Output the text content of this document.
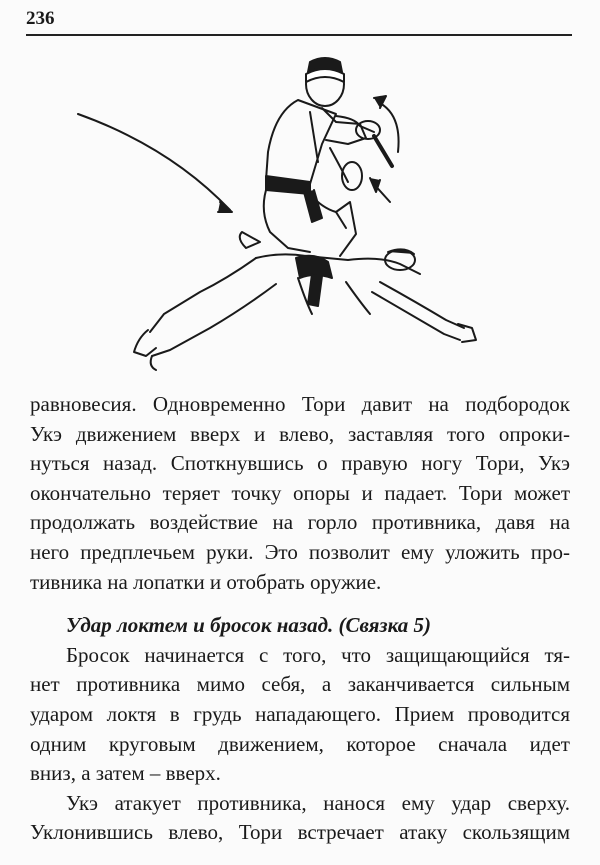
236
равновесия. Одновременно Тори давит на подбородок
Укэ движением вверх и влево, заставляя того опроки-
нуться назад. Споткнувшись о правую ногу Тори, Укэ
окончательно теряет точку опоры и падает. Тори может
продолжать воздействие на горло противника, давя на
него предплечьем руки. Это позволит ему уложить про-
тивника на лопатки и отобрать оружие.
Удар локтем и бросок назад. (Связка 5)
Бросок начинается с того, что защищающийся тя-
нет противника мимо себя, а заканчивается сильным
ударом локтя в грудь нападающего. Прием проводится
одним круговым движением, которое сначала идет
вниз, а затем – вверх.
Укэ атакует противника, нанося ему удар сверху.
Уклонившись влево, Тори встречает атаку скользящим
